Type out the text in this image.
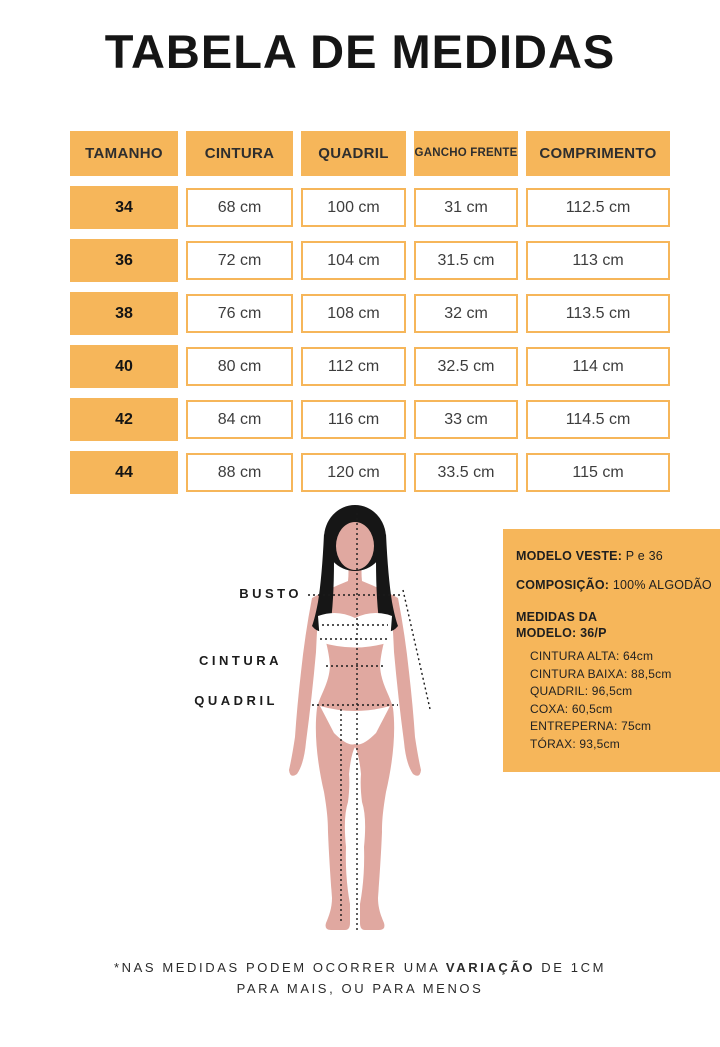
TABELA DE MEDIDAS
TAMANHO	CINTURA	QUADRIL	GANCHO FRENTE	COMPRIMENTO
34	68 cm	100 cm	31 cm	112.5 cm
36	72 cm	104 cm	31.5 cm	113 cm
38	76 cm	108 cm	32 cm	113.5 cm
40	80 cm	112 cm	32.5 cm	114 cm
42	84 cm	116 cm	33 cm	114.5 cm
44	88 cm	120 cm	33.5 cm	115 cm
BUSTO
CINTURA
QUADRIL

MODELO VESTE: P e 36

COMPOSIÇÃO: 100% ALGODÃO

MEDIDAS DA
MODELO: 36/P

CINTURA ALTA: 64cm
CINTURA BAIXA: 88,5cm
QUADRIL: 96,5cm
COXA: 60,5cm
ENTREPERNA: 75cm
TÓRAX: 93,5cm

*NAS MEDIDAS PODEM OCORRER UMA VARIAÇÃO DE 1CM

PARA MAIS, OU PARA MENOS
